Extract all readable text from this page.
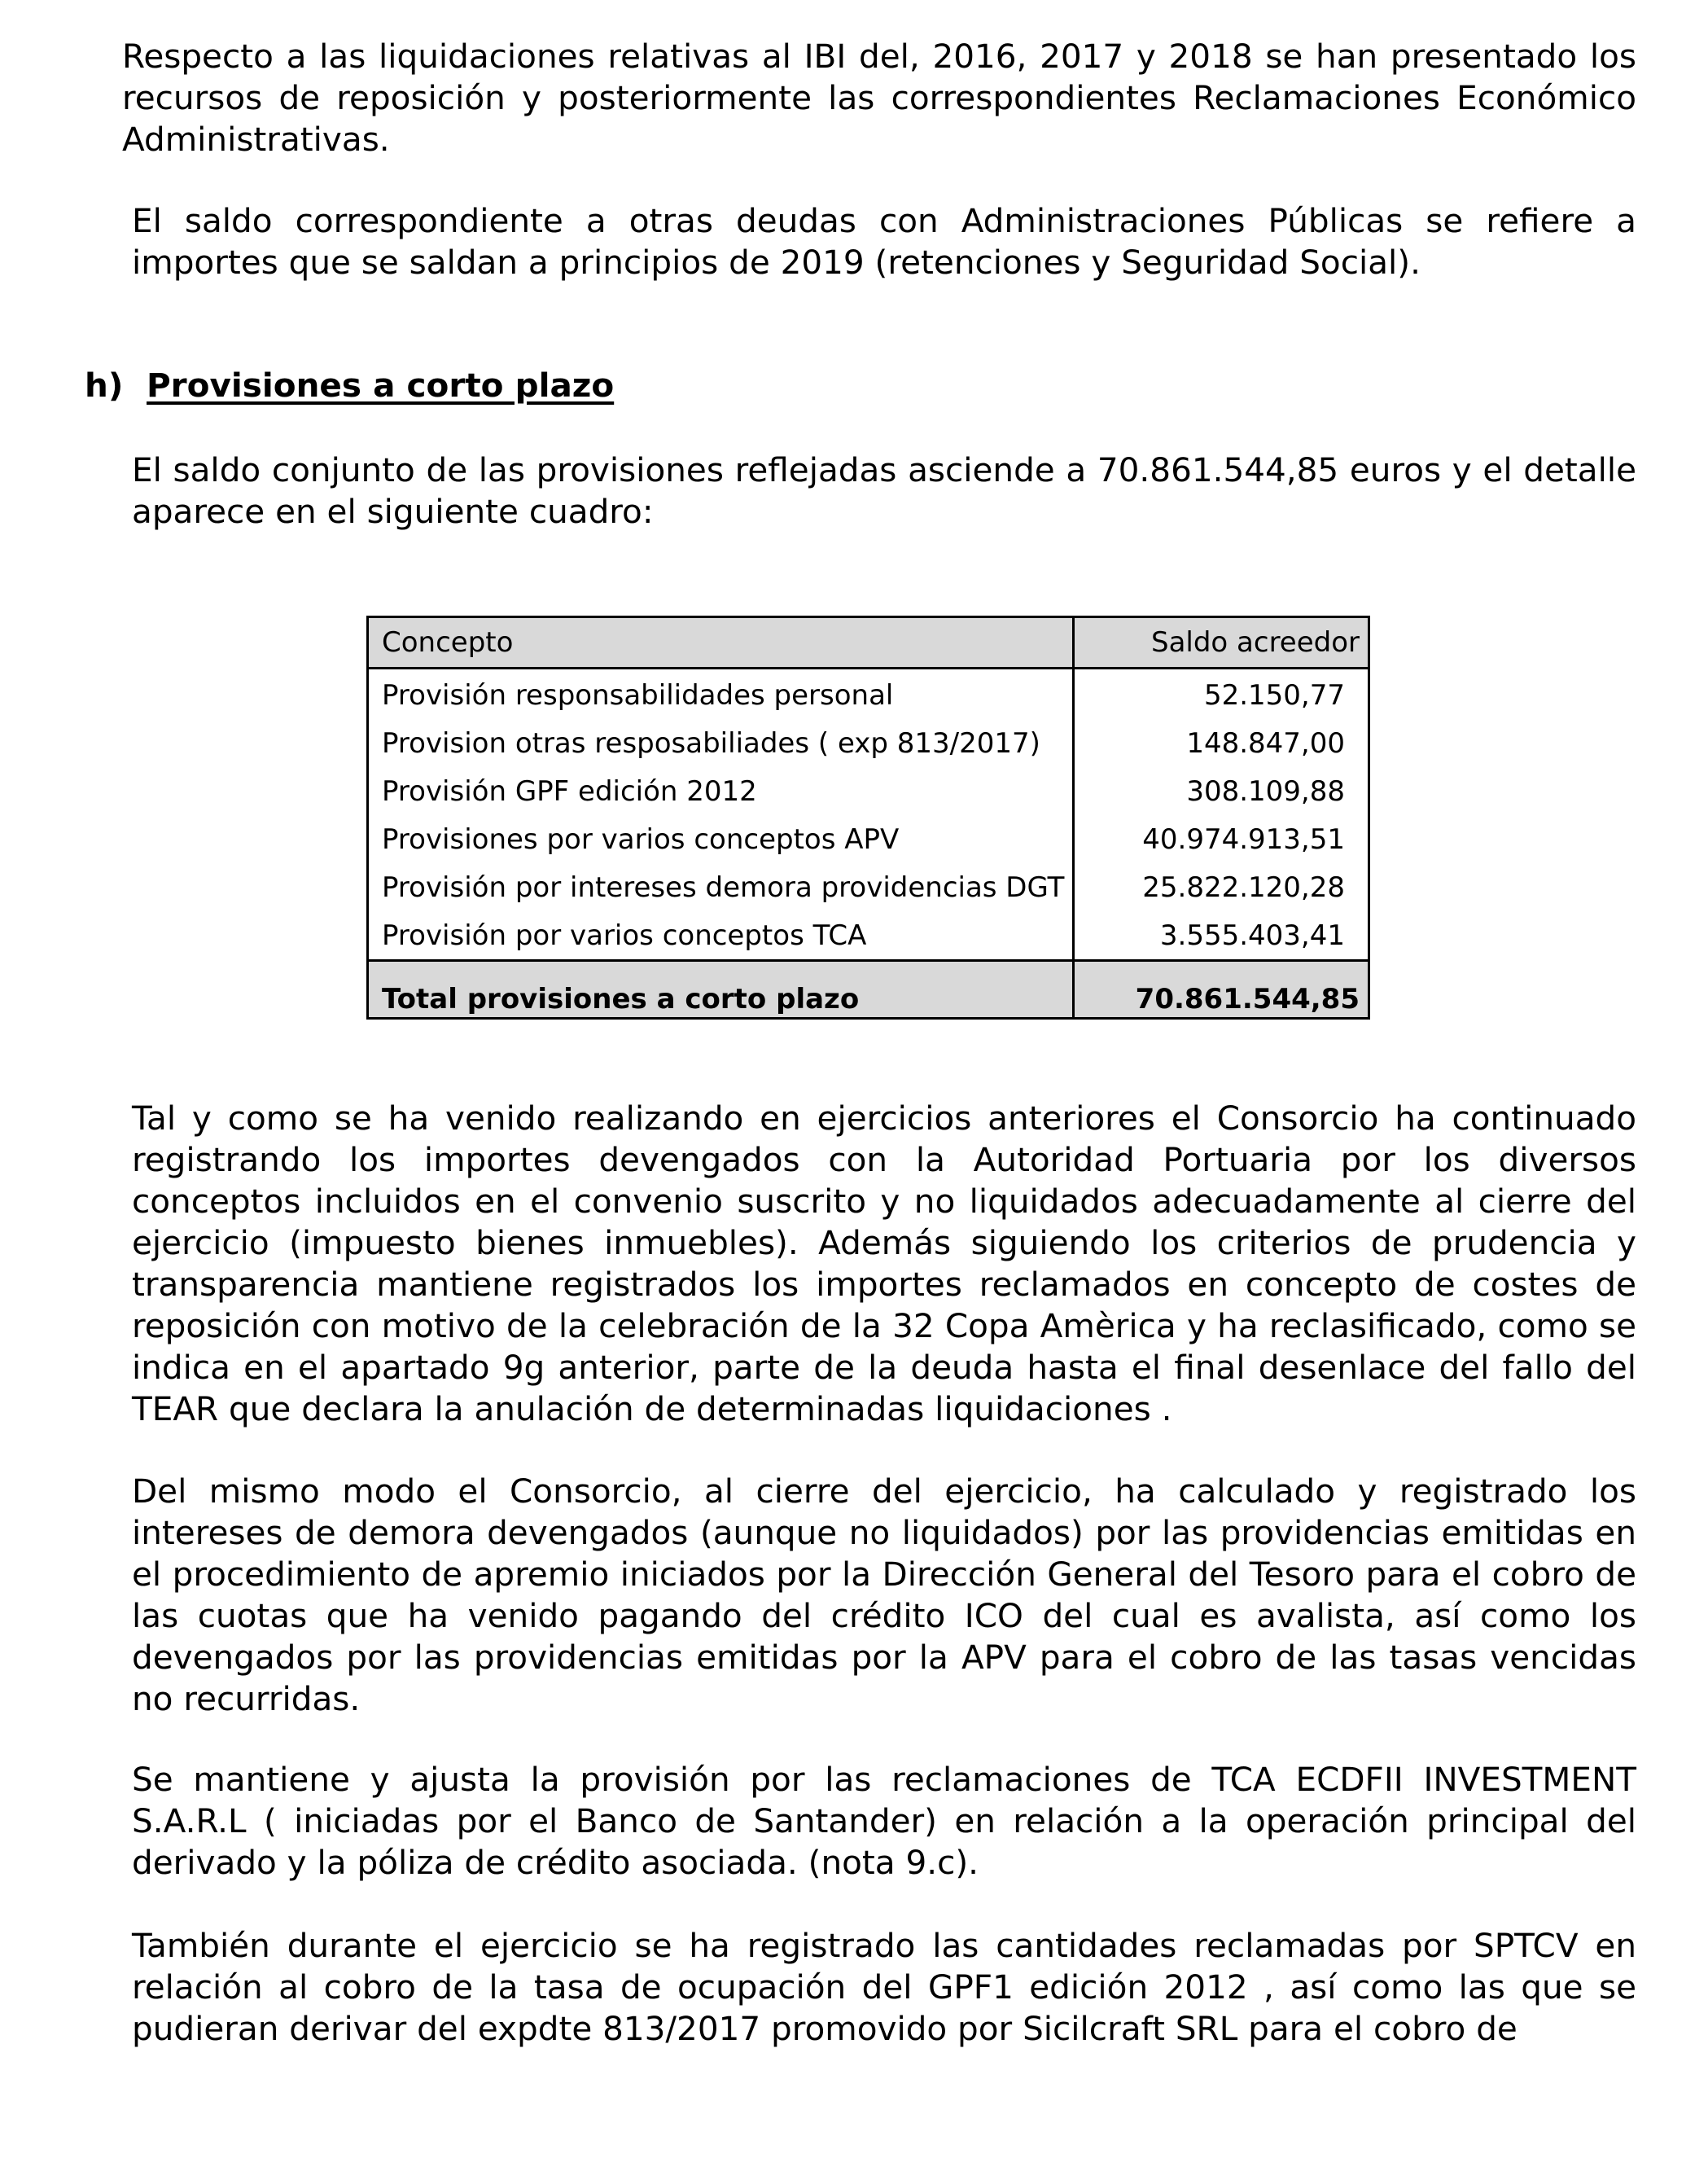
Respecto a las liquidaciones relativas al IBI del, 2016, 2017 y 2018 se han presentado los recursos de reposición y posteriormente las correspondientes Reclamaciones Económico Administrativas.

El saldo correspondiente a otras deudas con Administraciones Públicas se refiere a importes que se saldan a principios de 2019 (retenciones y Seguridad Social).

h) Provisiones a corto plazo

El saldo conjunto de las provisiones reflejadas asciende a 70.861.544,85 euros y el detalle aparece en el siguiente cuadro:

Concepto	Saldo acreedor
Provisión responsabilidades personal	52.150,77
Provision otras resposabiliades ( exp 813/2017)	148.847,00
Provisión GPF edición 2012	308.109,88
Provisiones por varios conceptos APV	40.974.913,51
Provisión por intereses demora providencias DGT	25.822.120,28
Provisión por varios conceptos TCA	3.555.403,41
Total provisiones a corto plazo	70.861.544,85

Tal y como se ha venido realizando en ejercicios anteriores el Consorcio ha continuado registrando los importes devengados con la Autoridad Portuaria por los diversos conceptos incluidos en el convenio suscrito y no liquidados adecuadamente al cierre del ejercicio (impuesto bienes inmuebles). Además siguiendo los criterios de prudencia y transparencia mantiene registrados los importes reclamados en concepto de costes de reposición con motivo de la celebración de la 32 Copa Amèrica y ha reclasificado, como se indica en el apartado 9g anterior, parte de la deuda hasta el final desenlace del fallo del TEAR que declara la anulación de determinadas liquidaciones .

Del mismo modo el Consorcio, al cierre del ejercicio, ha calculado y registrado los intereses de demora devengados (aunque no liquidados) por las providencias emitidas en el procedimiento de apremio iniciados por la Dirección General del Tesoro para el cobro de las cuotas que ha venido pagando del crédito ICO del cual es avalista, así como los devengados por las providencias emitidas por la APV para el cobro de las tasas vencidas no recurridas.

Se mantiene y ajusta la provisión por las reclamaciones de TCA ECDFII INVESTMENT S.A.R.L ( iniciadas por el Banco de Santander) en relación a la operación principal del derivado y la póliza de crédito asociada. (nota 9.c).

También durante el ejercicio se ha registrado las cantidades reclamadas por SPTCV en relación al cobro de la tasa de ocupación del GPF1 edición 2012 , así como las que se pudieran derivar del expdte 813/2017 promovido por Sicilcraft SRL para el cobro de
